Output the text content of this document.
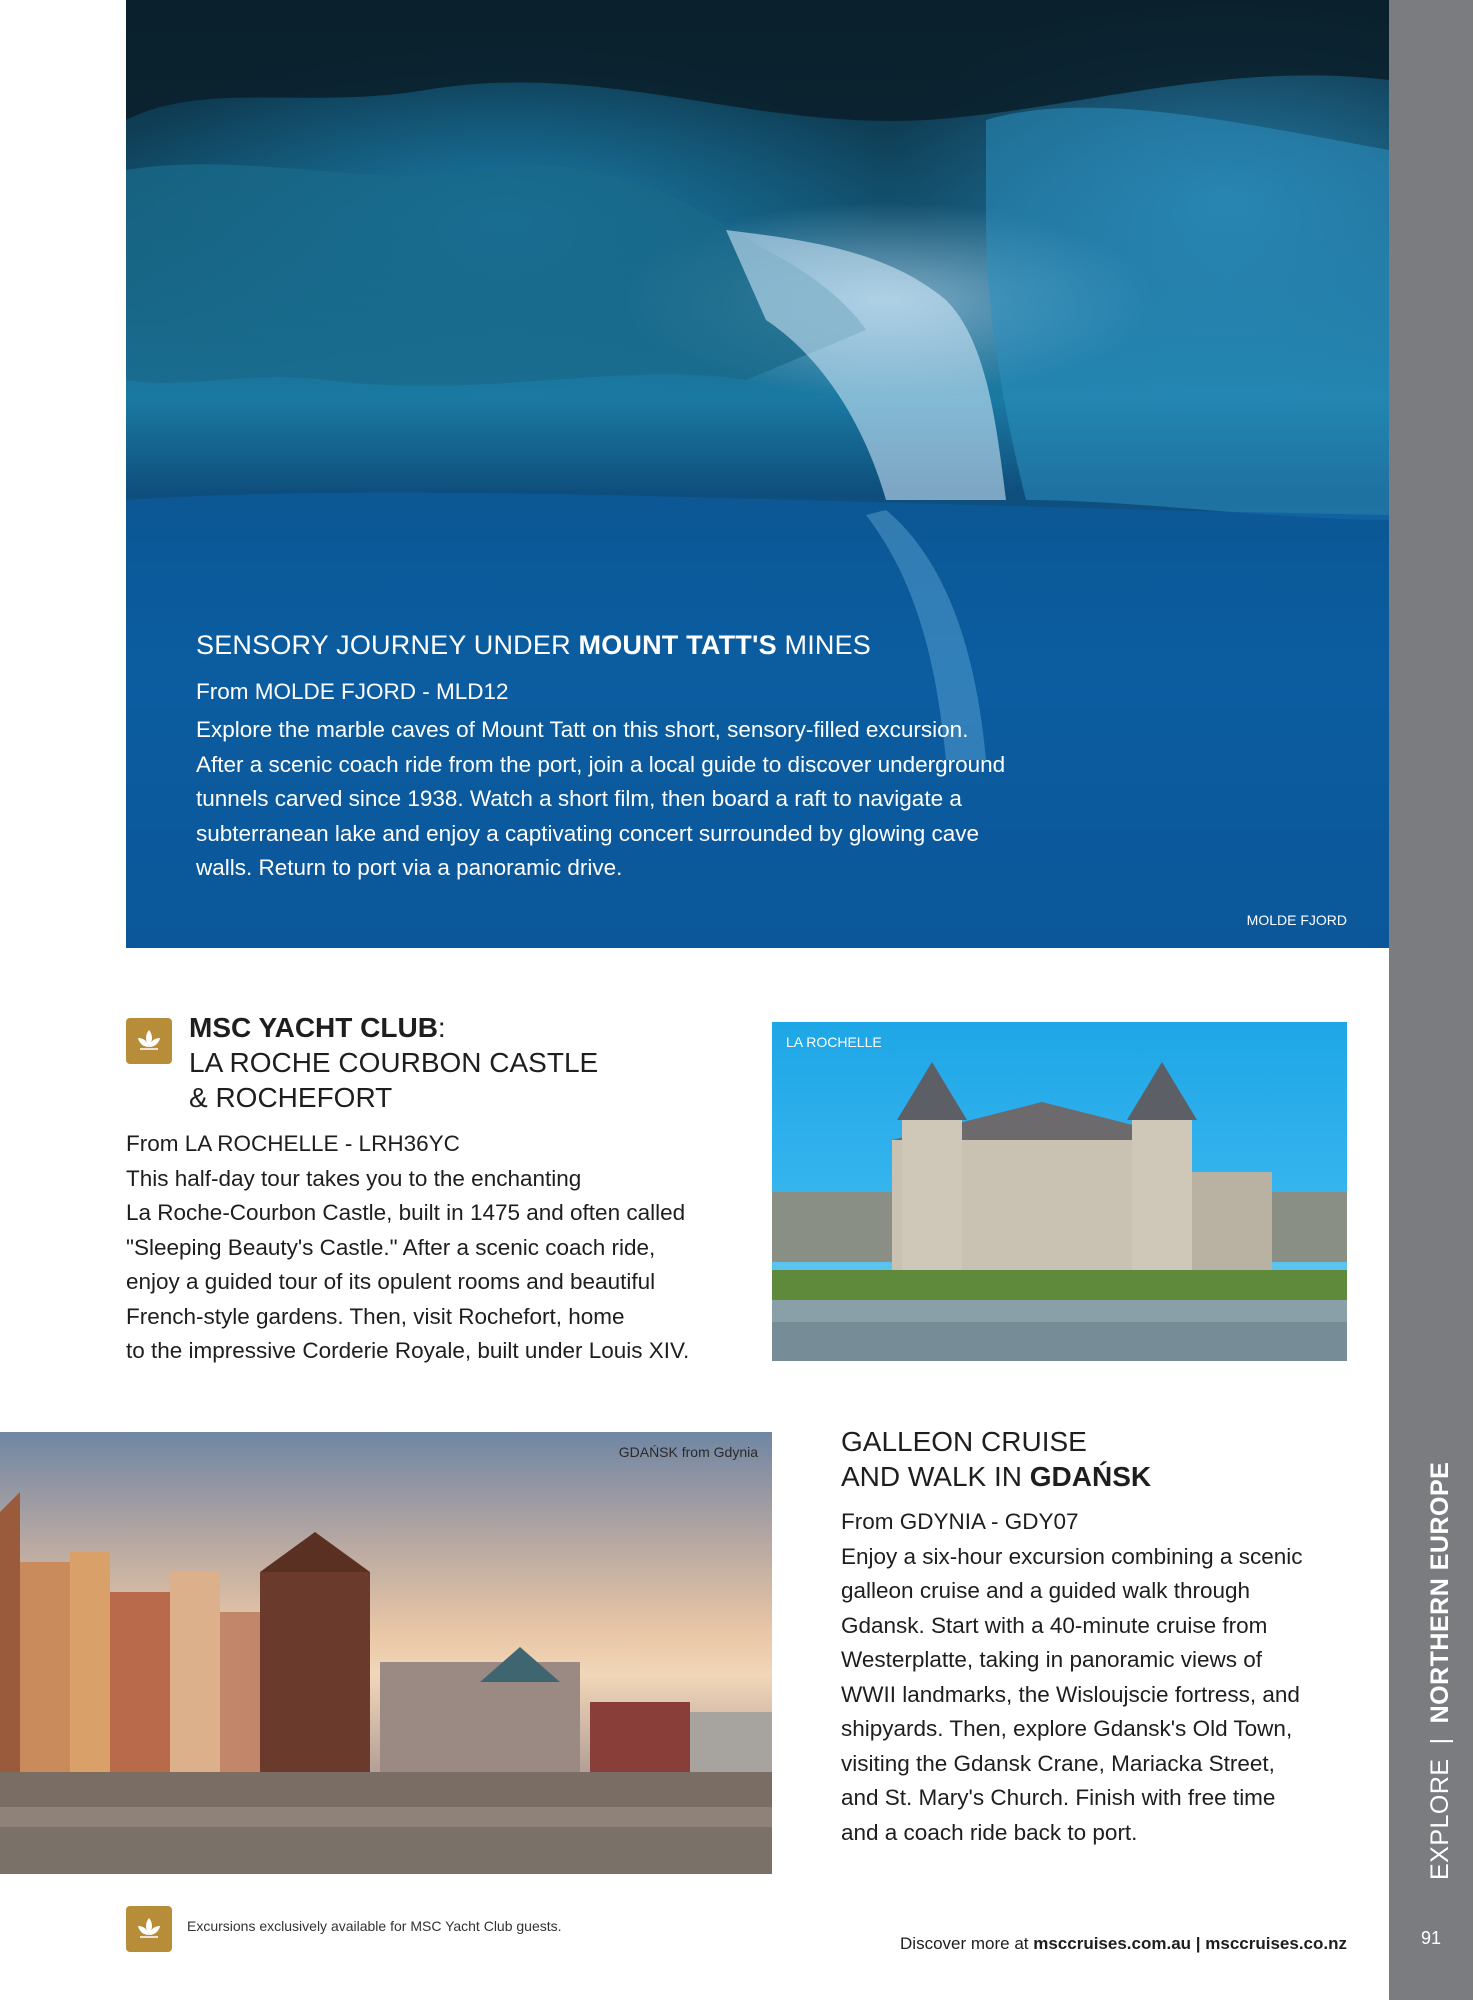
EXPLORE|NORTHERN EUROPE
91
SENSORY JOURNEY UNDER MOUNT TATT'S MINES
From MOLDE FJORD - MLD12
Explore the marble caves of Mount Tatt on this short, sensory-filled excursion.
After a scenic coach ride from the port, join a local guide to discover underground
tunnels carved since 1938. Watch a short film, then board a raft to navigate a
subterranean lake and enjoy a captivating concert surrounded by glowing cave
walls. Return to port via a panoramic drive.
MOLDE FJORD
MSC YACHT CLUB:
LA ROCHE COURBON CASTLE
& ROCHEFORT
From LA ROCHELLE - LRH36YC
This half-day tour takes you to the enchanting
La Roche-Courbon Castle, built in 1475 and often called
"Sleeping Beauty's Castle." After a scenic coach ride,
enjoy a guided tour of its opulent rooms and beautiful
French-style gardens. Then, visit Rochefort, home
to the impressive Corderie Royale, built under Louis XIV.
LA ROCHELLE
GDAŃSK from Gdynia	GALLEON CRUISE
AND WALK IN GDAŃSK
From GDYNIA - GDY07
Enjoy a six-hour excursion combining a scenic
galleon cruise and a guided walk through
Gdansk. Start with a 40-minute cruise from
Westerplatte, taking in panoramic views of
WWII landmarks, the Wisloujscie fortress, and
shipyards. Then, explore Gdansk's Old Town,
visiting the Gdansk Crane, Mariacka Street,
and St. Mary's Church. Finish with free time
and a coach ride back to port.
Excursions exclusively available for MSC Yacht Club guests.
Discover more at msccruises.com.au | msccruises.co.nz
